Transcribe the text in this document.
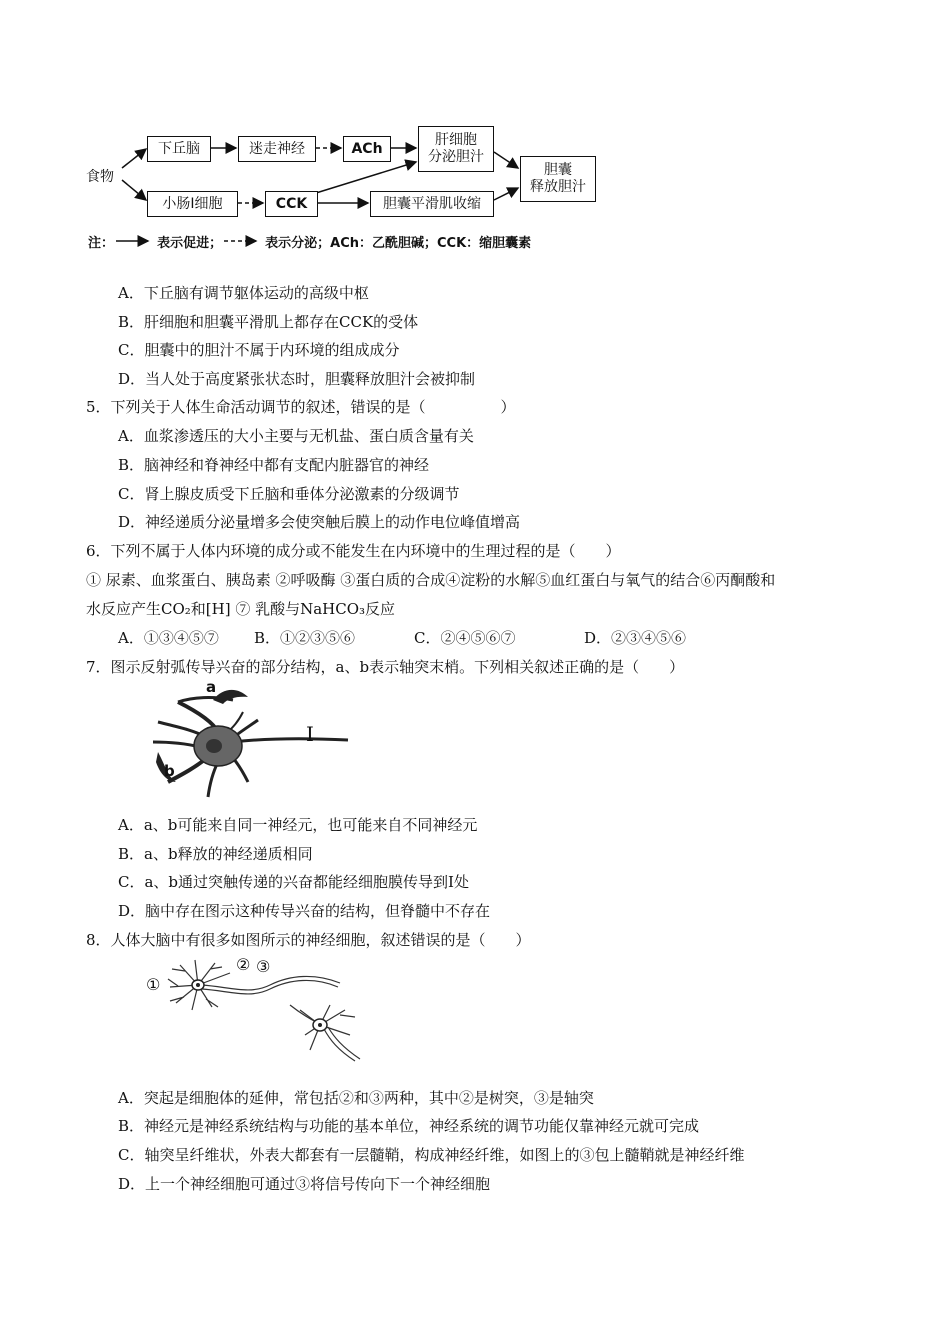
食物
下丘脑	迷走神经	ACh
肝细胞
分泌胆汁
小肠Ⅰ细胞	CCK	胆囊平滑肌收缩
胆囊
释放胆汁
注：	表示促进；	表示分泌；ACh：乙酰胆碱；CCK：缩胆囊素
A．下丘脑有调节躯体运动的高级中枢
B．肝细胞和胆囊平滑肌上都存在CCK的受体
C．胆囊中的胆汁不属于内环境的组成成分
D．当人处于高度紧张状态时，胆囊释放胆汁会被抑制
5．下列关于人体生命活动调节的叙述，错误的是（　　　　　）
A．血浆渗透压的大小主要与无机盐、蛋白质含量有关
B．脑神经和脊神经中都有支配内脏器官的神经
C．肾上腺皮质受下丘脑和垂体分泌激素的分级调节
D．神经递质分泌量增多会使突触后膜上的动作电位峰值增高
6．下列不属于人体内环境的成分或不能发生在内环境中的生理过程的是（　　）
① 尿素、血浆蛋白、胰岛素 ②呼吸酶 ③蛋白质的合成④淀粉的水解⑤血红蛋白与氧气的结合⑥丙酮酸和
水反应产生CO₂和[H] ⑦ 乳酸与NaHCO₃反应
A．①③④⑤⑦ B．①②③⑤⑥	C．②④⑤⑥⑦	D．②③④⑤⑥
7．图示反射弧传导兴奋的部分结构，a、b表示轴突末梢。下列相关叙述正确的是（　　）
a
b
I
A．a、b可能来自同一神经元，也可能来自不同神经元
B．a、b释放的神经递质相同
C．a、b通过突触传递的兴奋都能经细胞膜传导到Ⅰ处
D．脑中存在图示这种传导兴奋的结构，但脊髓中不存在
8．人体大脑中有很多如图所示的神经细胞，叙述错误的是（　　）
①
② ③
A．突起是细胞体的延伸，常包括②和③两种，其中②是树突，③是轴突
B．神经元是神经系统结构与功能的基本单位，神经系统的调节功能仅靠神经元就可完成
C．轴突呈纤维状，外表大都套有一层髓鞘，构成神经纤维，如图上的③包上髓鞘就是神经纤维
D．上一个神经细胞可通过③将信号传向下一个神经细胞
